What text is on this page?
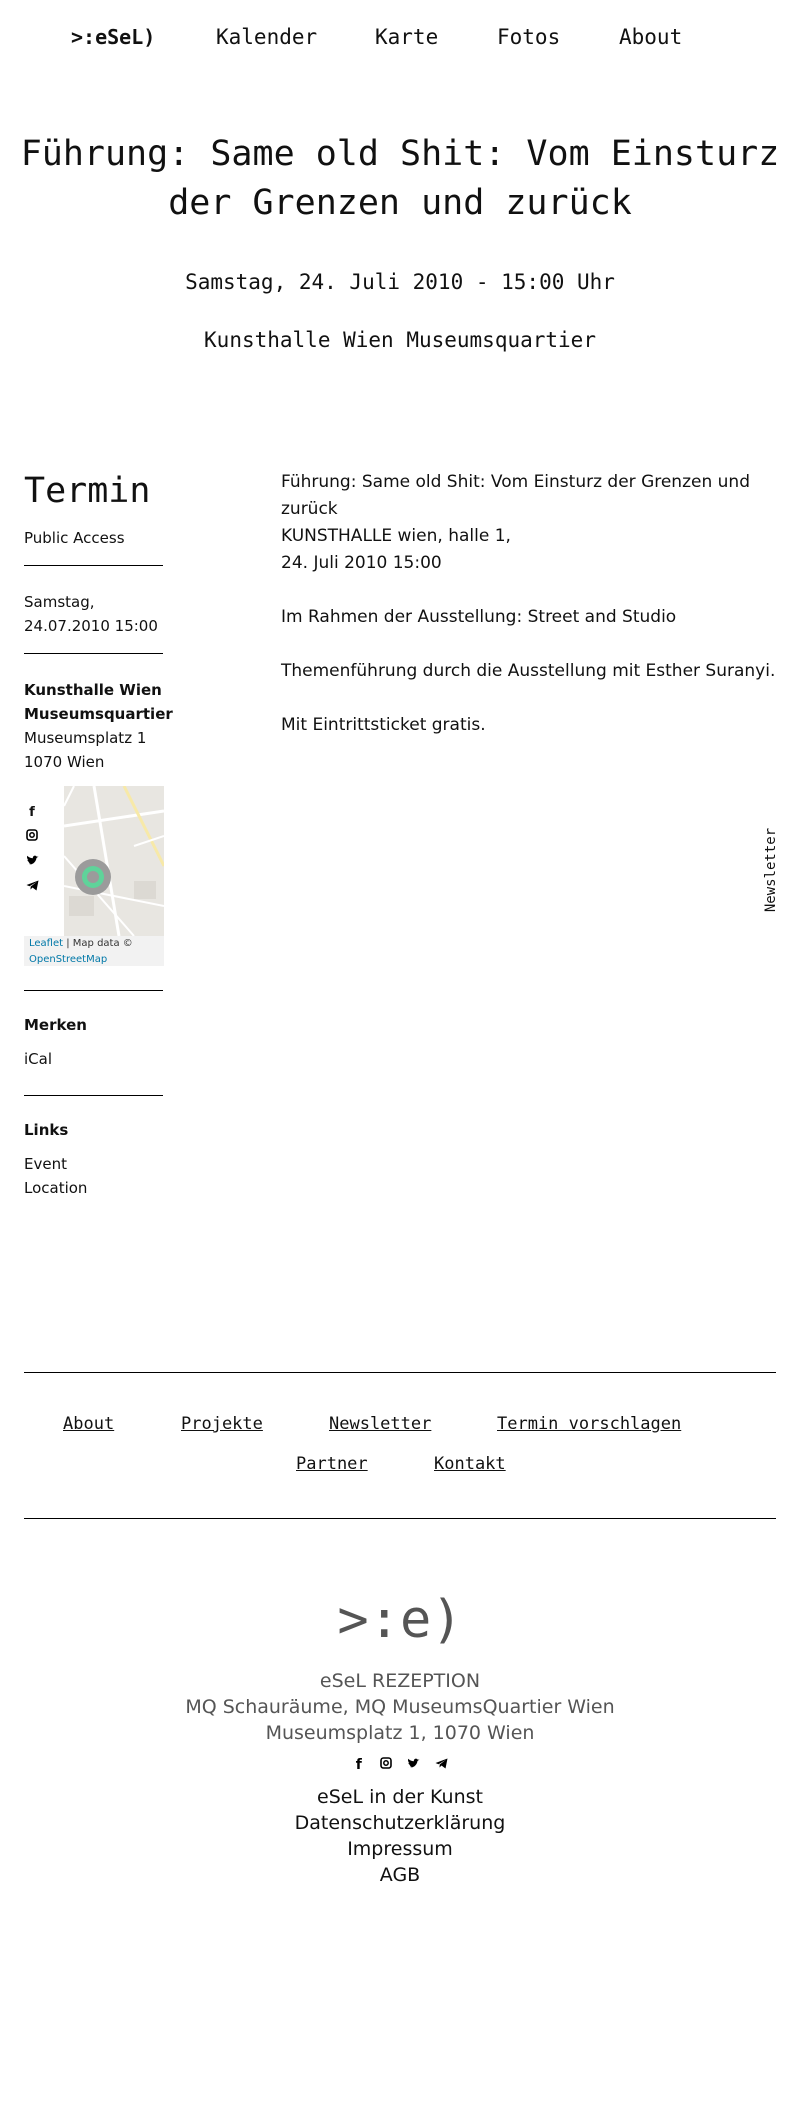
>:eSeL)	Kalender	Karte	Fotos	About
Führung: Same old Shit: Vom Einsturz der Grenzen und zurück
Samstag, 24. Juli 2010 - 15:00 Uhr
Kunsthalle Wien Museumsquartier
Termin
Public Access
Samstag,
24.07.2010 15:00
Kunsthalle Wien
Museumsquartier
Museumsplatz 1
1070 Wien
f
Leaflet | Map data ©
OpenStreetMap
Merken
iCal
Links
Event
Location

Führung: Same old Shit: Vom Einsturz der Grenzen und zurück
KUNSTHALLE wien, halle 1,
24. Juli 2010 15:00

Im Rahmen der Ausstellung: Street and Studio

Themenführung durch die Ausstellung mit Esther Suranyi.

Mit Eintrittsticket gratis.

Newsletter
About	Projekte	Newsletter	Termin vorschlagen
Partner	Kontakt
>:e)
eSeL REZEPTION
MQ Schauräume, MQ MuseumsQuartier Wien
Museumsplatz 1, 1070 Wien
f
eSeL in der Kunst
Datenschutzerklärung
Impressum
AGB
